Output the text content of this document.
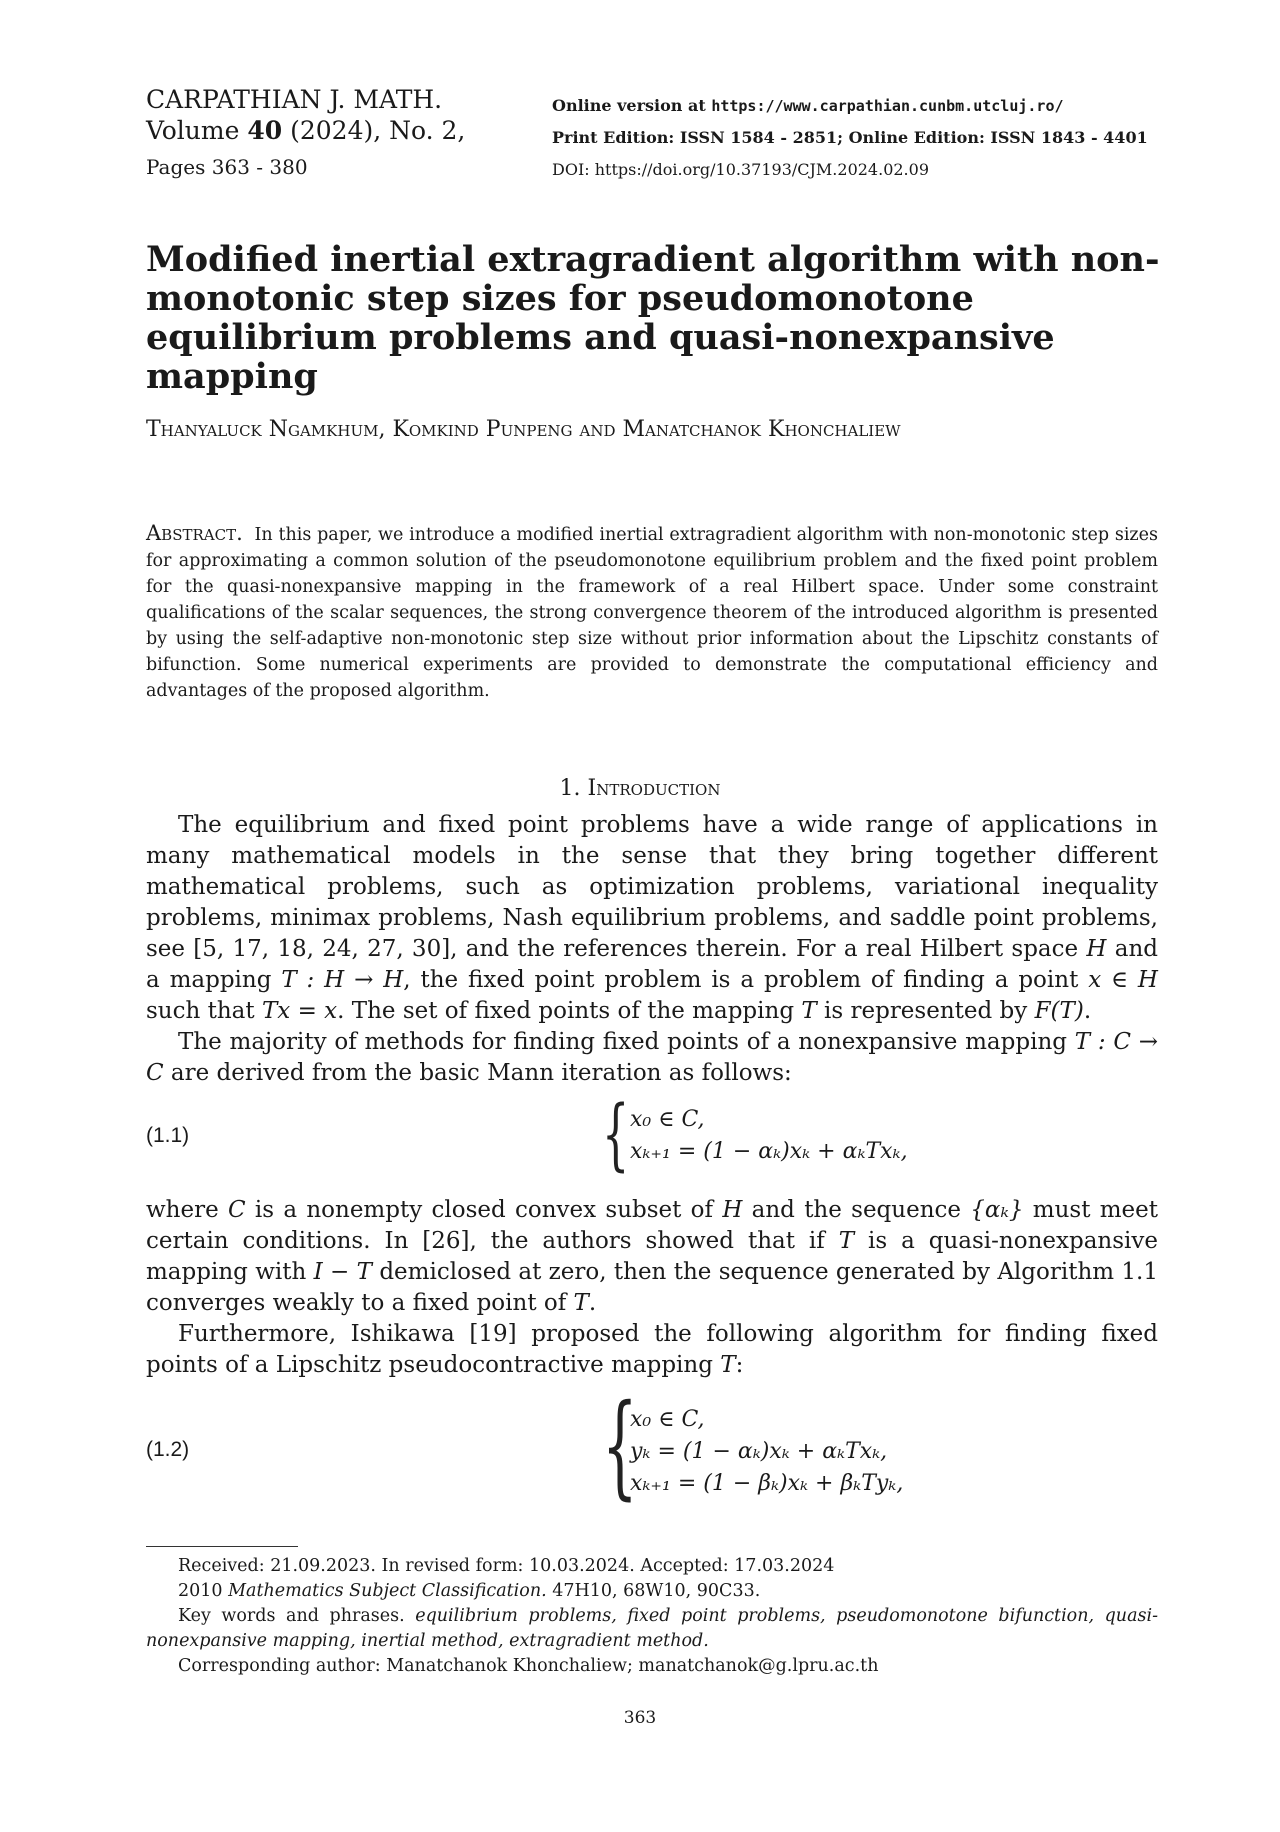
CARPATHIAN J. MATH.
Volume 40 (2024), No. 2,
Pages 363 - 380
Online version at https://www.carpathian.cunbm.utcluj.ro/
Print Edition: ISSN 1584 - 2851; Online Edition: ISSN 1843 - 4401
DOI: https://doi.org/10.37193/CJM.2024.02.09
Modified inertial extragradient algorithm with non-monotonic step sizes for pseudomonotone equilibrium problems and quasi-nonexpansive mapping
Thanyaluck Ngamkhum, Komkind Punpeng and Manatchanok Khonchaliew
Abstract. In this paper, we introduce a modified inertial extragradient algorithm with non-monotonic step sizes for approximating a common solution of the pseudomonotone equilibrium problem and the fixed point problem for the quasi-nonexpansive mapping in the framework of a real Hilbert space. Under some constraint qualifications of the scalar sequences, the strong convergence theorem of the introduced algorithm is presented by using the self-adaptive non-monotonic step size without prior information about the Lipschitz constants of bifunction. Some numerical experiments are provided to demonstrate the computational efficiency and advantages of the proposed algorithm.
1. Introduction

The equilibrium and fixed point problems have a wide range of applications in many mathematical models in the sense that they bring together different mathematical problems, such as optimization problems, variational inequality problems, minimax problems, Nash equilibrium problems, and saddle point problems, see [5, 17, 18, 24, 27, 30], and the references therein. For a real Hilbert space H and a mapping T : H → H, the fixed point problem is a problem of finding a point x ∈ H such that Tx = x. The set of fixed points of the mapping T is represented by F(T).

The majority of methods for finding fixed points of a nonexpansive mapping T : C → C are derived from the basic Mann iteration as follows:

(1.1)	{ x₀ ∈ C,
xₖ₊₁ = (1 − αₖ)xₖ + αₖTxₖ,

where C is a nonempty closed convex subset of H and the sequence {αₖ} must meet certain conditions. In [26], the authors showed that if T is a quasi-nonexpansive mapping with I − T demiclosed at zero, then the sequence generated by Algorithm 1.1 converges weakly to a fixed point of T.

Furthermore, Ishikawa [19] proposed the following algorithm for finding fixed points of a Lipschitz pseudocontractive mapping T:

(1.2)	{
x₀ ∈ C,
yₖ = (1 − αₖ)xₖ + αₖTxₖ,
xₖ₊₁ = (1 − βₖ)xₖ + βₖTyₖ,

Received: 21.09.2023. In revised form: 10.03.2024. Accepted: 17.03.2024

2010 Mathematics Subject Classification. 47H10, 68W10, 90C33.

Key words and phrases. equilibrium problems, fixed point problems, pseudomonotone bifunction, quasi-nonexpansive mapping, inertial method, extragradient method.

Corresponding author: Manatchanok Khonchaliew; manatchanok@g.lpru.ac.th

363
